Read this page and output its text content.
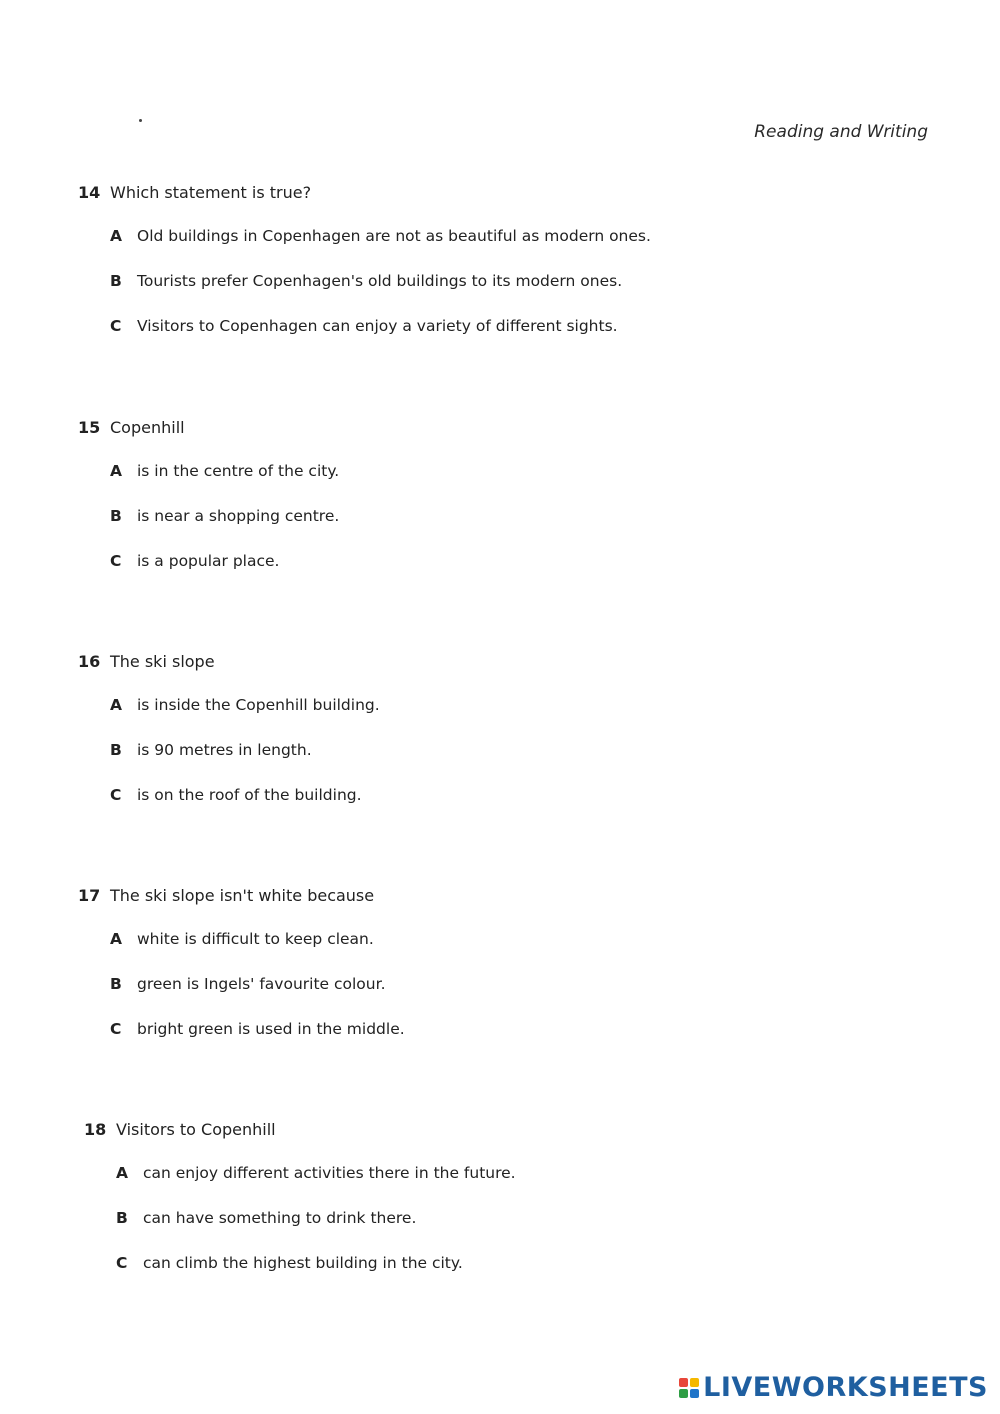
Reading and Writing
14 Which statement is true?
A Old buildings in Copenhagen are not as beautiful as modern ones.
B Tourists prefer Copenhagen's old buildings to its modern ones.
C	Visitors to Copenhagen can enjoy a variety of different sights.
15 Copenhill
A is in the centre of the city.
B is near a shopping centre.
C	is a popular place.
16 The ski slope
A is inside the Copenhill building.
B is 90 metres in length.
C	is on the roof of the building.
17 The ski slope isn't white because
A white is difficult to keep clean.
B green is Ingels' favourite colour.
C	bright green is used in the middle.
18 Visitors to Copenhill
A can enjoy different activities there in the future.
B can have something to drink there.
C	can climb the highest building in the city.
LIVEWORKSHEETS
